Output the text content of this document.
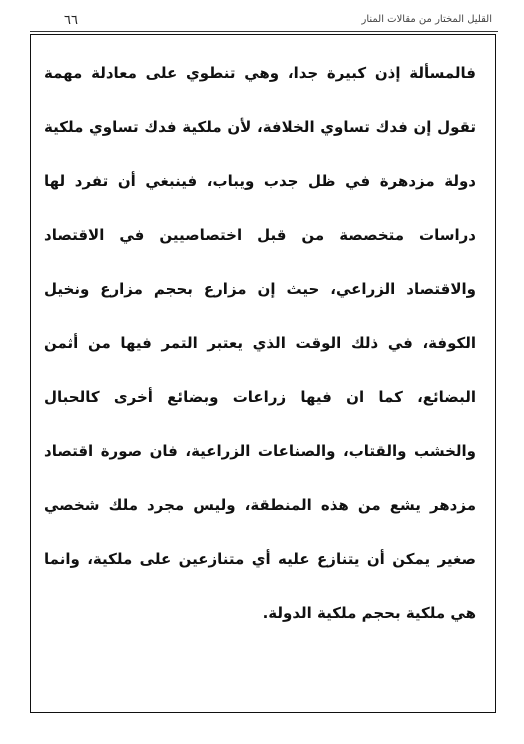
٦٦	القليل المختار من مقالات المنار

فالمسألة إذن كبيرة جدا، وهي تنطوي على معادلة مهمة تقول إن فدك تساوي الخلافة، لأن ملكية فدك تساوي ملكية دولة مزدهرة في ظل جدب ويباب، فينبغي أن تفرد لها دراسات متخصصة من قبل اختصاصيين في الاقتصاد والاقتصاد الزراعي، حيث إن مزارع بحجم مزارع ونخيل الكوفة، في ذلك الوقت الذي يعتبر التمر فيها من أثمن البضائع، كما ان فيها زراعات وبضائع أخرى كالحبال والخشب والقتاب، والصناعات الزراعية، فان صورة اقتصاد مزدهر يشع من هذه المنطقة، وليس مجرد ملك شخصي صغير يمكن أن يتنازع عليه أي متنازعين على ملكية، وانما هي ملكية بحجم ملكية الدولة.
